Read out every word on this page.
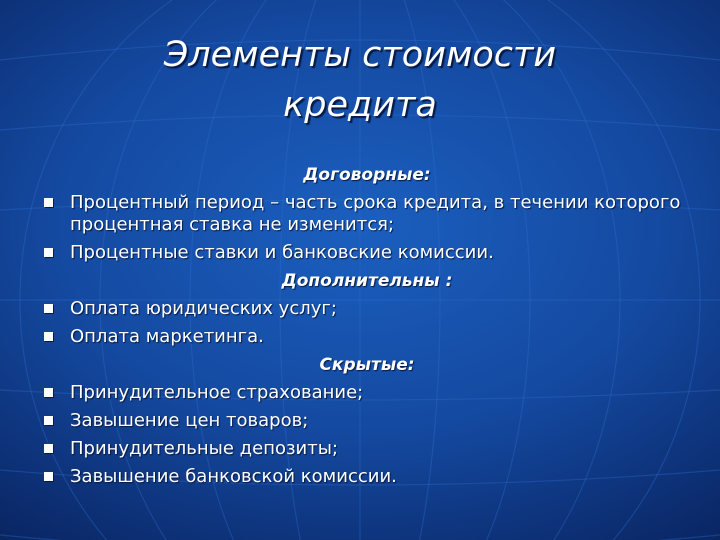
Элементы стоимости
кредита
Договорные:
Процентный период – часть срока кредита, в течении которого процентная ставка не изменится;
Процентные ставки и банковские комиссии.
Дополнительны :
Оплата юридических услуг;
Оплата маркетинга.
Скрытые:
Принудительное страхование;
Завышение цен товаров;
Принудительные депозиты;
Завышение банковской комиссии.
